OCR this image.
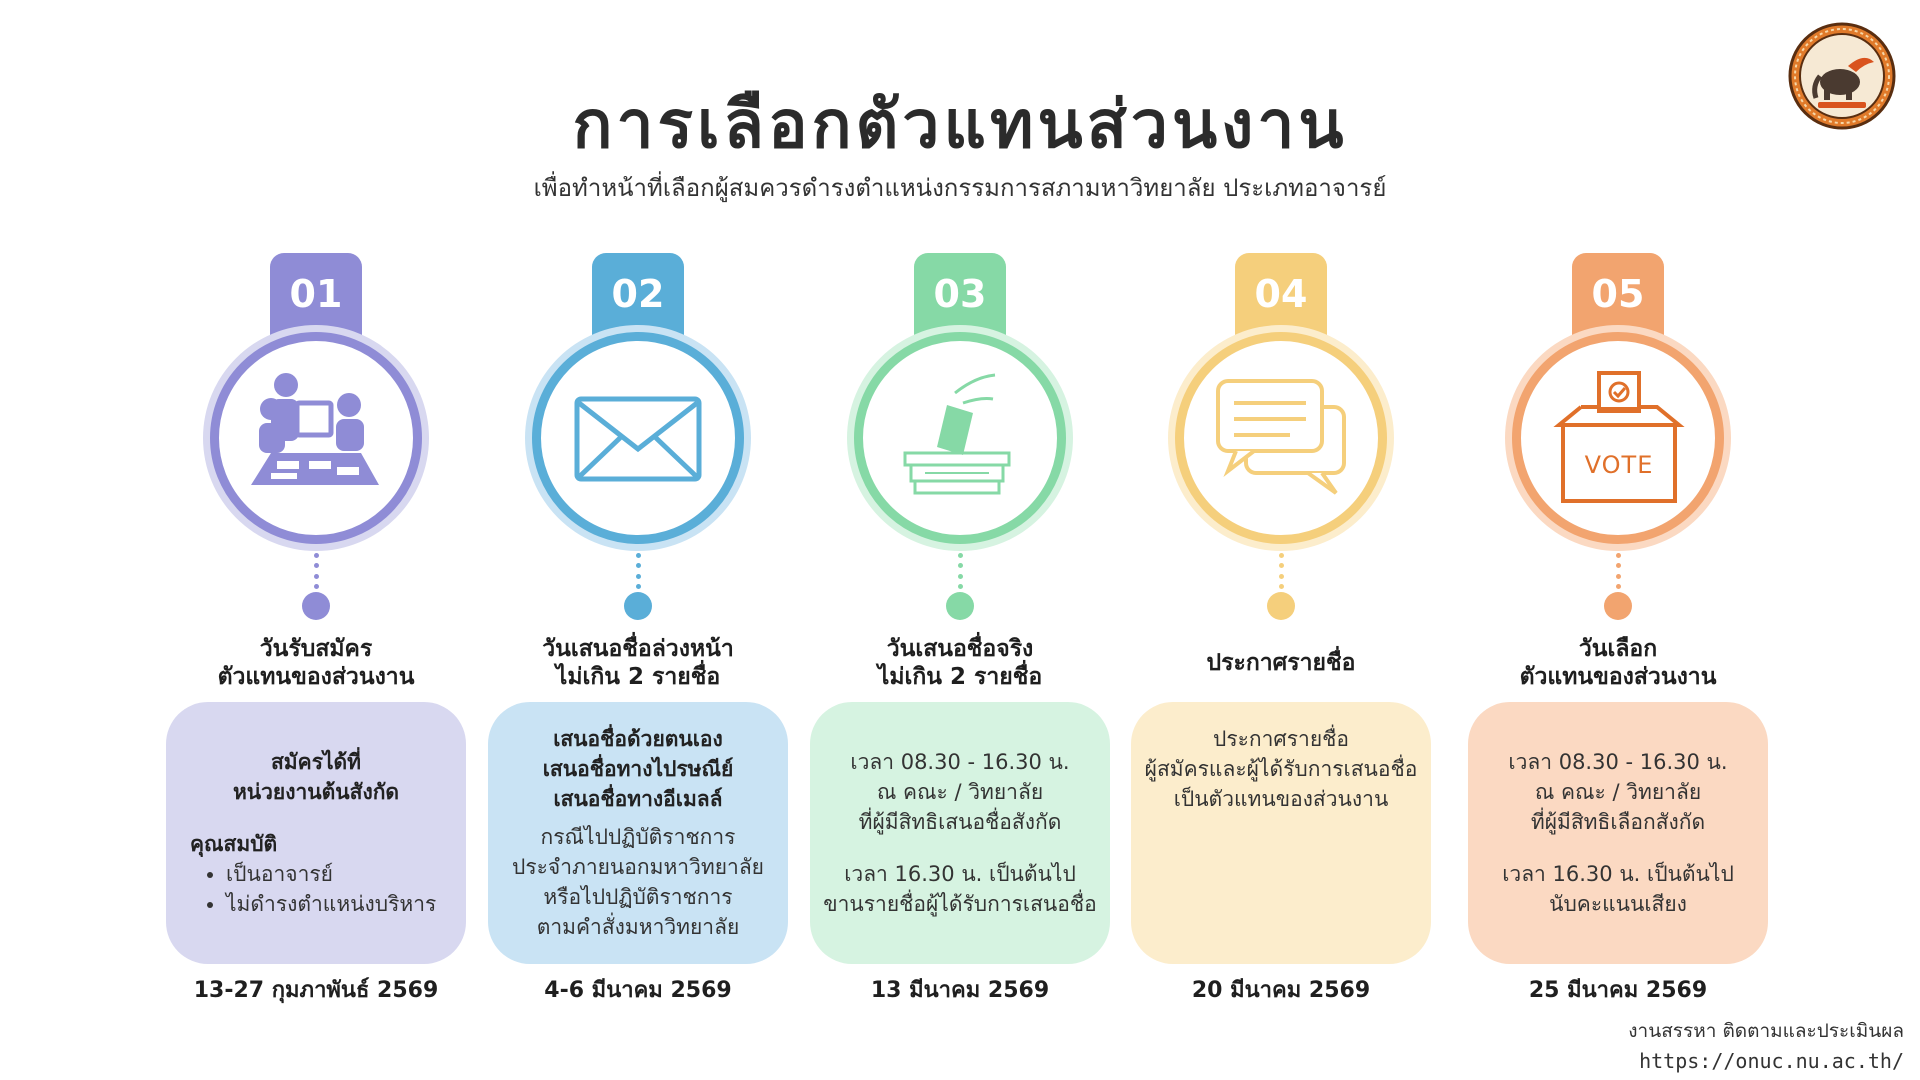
การเลือกตัวแทนส่วนงาน
เพื่อทำหน้าที่เลือกผู้สมควรดำรงตำแหน่งกรรมการสภามหาวิทยาลัย ประเภทอาจารย์
01
วันรับสมัคร
ตัวแทนของส่วนงาน
สมัครได้ที่
หน่วยงานต้นสังกัด
คุณสมบัติ
• เป็นอาจารย์
• ไม่ดำรงตำแหน่งบริหาร
13-27 กุมภาพันธ์ 2569
02
วันเสนอชื่อล่วงหน้า
ไม่เกิน 2 รายชื่อ
เสนอชื่อด้วยตนเอง
เสนอชื่อทางไปรษณีย์
เสนอชื่อทางอีเมลล์
กรณีไปปฏิบัติราชการ
ประจำภายนอกมหาวิทยาลัย
หรือไปปฏิบัติราชการ
ตามคำสั่งมหาวิทยาลัย
4-6 มีนาคม 2569
03
วันเสนอชื่อจริง
ไม่เกิน 2 รายชื่อ
เวลา 08.30 - 16.30 น.
ณ คณะ / วิทยาลัย
ที่ผู้มีสิทธิเสนอชื่อสังกัด
เวลา 16.30 น. เป็นต้นไป
ขานรายชื่อผู้ได้รับการเสนอชื่อ
13 มีนาคม 2569
04
ประกาศรายชื่อ
ประกาศรายชื่อ
ผู้สมัครและผู้ได้รับการเสนอชื่อ
เป็นตัวแทนของส่วนงาน
20 มีนาคม 2569
05
VOTE
วันเลือก
ตัวแทนของส่วนงาน
เวลา 08.30 - 16.30 น.
ณ คณะ / วิทยาลัย
ที่ผู้มีสิทธิเลือกสังกัด
เวลา 16.30 น. เป็นต้นไป
นับคะแนนเสียง
25 มีนาคม 2569
งานสรรหา ติดตามและประเมินผล
https://onuc.nu.ac.th/
